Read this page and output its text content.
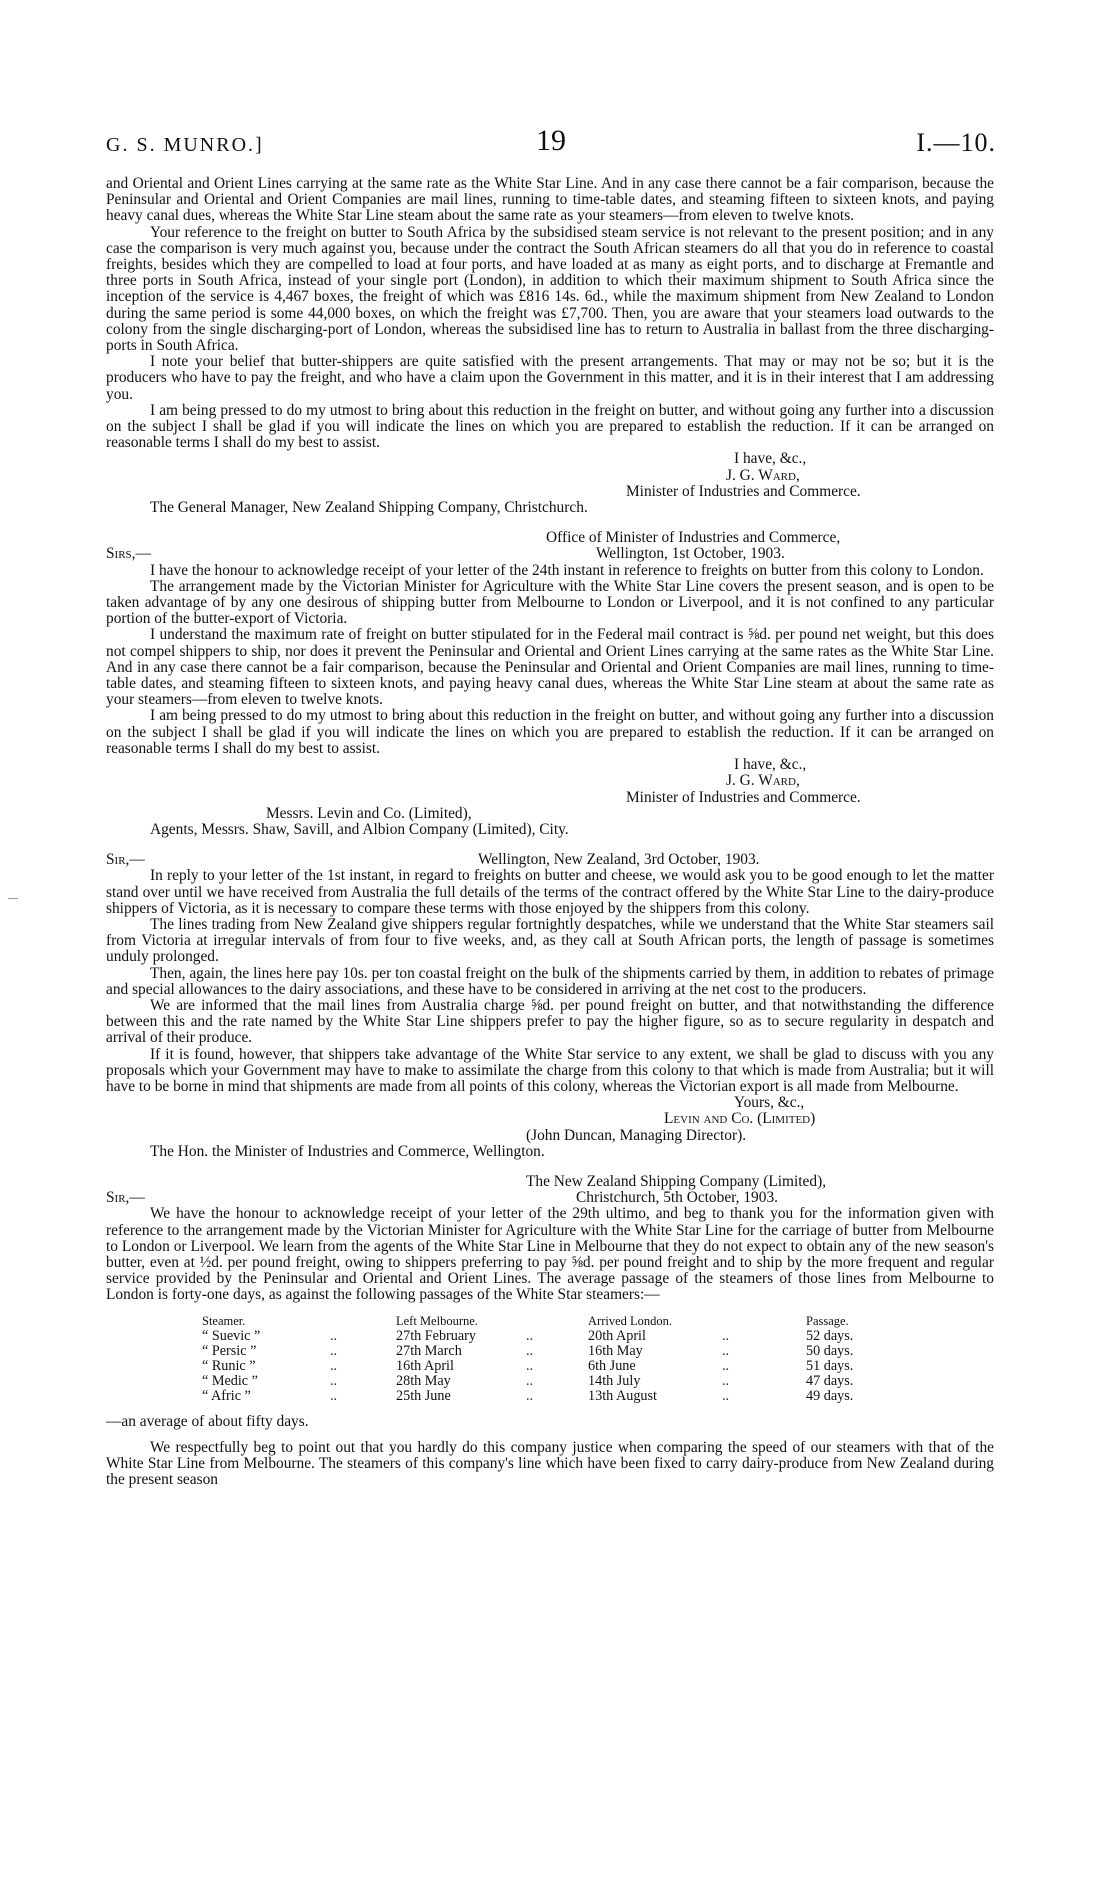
G. S. MUNRO.]	19	I.—10.

and Oriental and Orient Lines carrying at the same rate as the White Star Line. And in any case there cannot be a fair comparison, because the Peninsular and Oriental and Orient Companies are mail lines, running to time-table dates, and steaming fifteen to sixteen knots, and paying heavy canal dues, whereas the White Star Line steam about the same rate as your steamers—from eleven to twelve knots.

Your reference to the freight on butter to South Africa by the subsidised steam service is not relevant to the present position; and in any case the comparison is very much against you, because under the contract the South African steamers do all that you do in reference to coastal freights, besides which they are compelled to load at four ports, and have loaded at as many as eight ports, and to discharge at Fremantle and three ports in South Africa, instead of your single port (London), in addition to which their maximum shipment to South Africa since the inception of the service is 4,467 boxes, the freight of which was £816 14s. 6d., while the maximum shipment from New Zealand to London during the same period is some 44,000 boxes, on which the freight was £7,700. Then, you are aware that your steamers load outwards to the colony from the single discharging-port of London, whereas the subsidised line has to return to Australia in ballast from the three discharging-ports in South Africa.

I note your belief that butter-shippers are quite satisfied with the present arrangements. That may or may not be so; but it is the producers who have to pay the freight, and who have a claim upon the Government in this matter, and it is in their interest that I am addressing you.

I am being pressed to do my utmost to bring about this reduction in the freight on butter, and without going any further into a discussion on the subject I shall be glad if you will indicate the lines on which you are prepared to establish the reduction. If it can be arranged on reasonable terms I shall do my best to assist.

I have, &c.,
J. G. Ward,
Minister of Industries and Commerce.
The General Manager, New Zealand Shipping Company, Christchurch.
Office of Minister of Industries and Commerce,
Sirs,—	Wellington, 1st October, 1903.

I have the honour to acknowledge receipt of your letter of the 24th instant in reference to freights on butter from this colony to London.

The arrangement made by the Victorian Minister for Agriculture with the White Star Line covers the present season, and is open to be taken advantage of by any one desirous of shipping butter from Melbourne to London or Liverpool, and it is not confined to any particular portion of the butter-export of Victoria.

I understand the maximum rate of freight on butter stipulated for in the Federal mail contract is ⅝d. per pound net weight, but this does not compel shippers to ship, nor does it prevent the Peninsular and Oriental and Orient Lines carrying at the same rates as the White Star Line. And in any case there cannot be a fair comparison, because the Peninsular and Oriental and Orient Companies are mail lines, running to time-table dates, and steaming fifteen to sixteen knots, and paying heavy canal dues, whereas the White Star Line steam at about the same rate as your steamers—from eleven to twelve knots.

I am being pressed to do my utmost to bring about this reduction in the freight on butter, and without going any further into a discussion on the subject I shall be glad if you will indicate the lines on which you are prepared to establish the reduction. If it can be arranged on reasonable terms I shall do my best to assist.

I have, &c.,
J. G. Ward,
Minister of Industries and Commerce.
Messrs. Levin and Co. (Limited),
Agents, Messrs. Shaw, Savill, and Albion Company (Limited), City.
Sir,—	Wellington, New Zealand, 3rd October, 1903.

In reply to your letter of the 1st instant, in regard to freights on butter and cheese, we would ask you to be good enough to let the matter stand over until we have received from Australia the full details of the terms of the contract offered by the White Star Line to the dairy-produce shippers of Victoria, as it is necessary to compare these terms with those enjoyed by the shippers from this colony.

The lines trading from New Zealand give shippers regular fortnightly despatches, while we understand that the White Star steamers sail from Victoria at irregular intervals of from four to five weeks, and, as they call at South African ports, the length of passage is sometimes unduly prolonged.

Then, again, the lines here pay 10s. per ton coastal freight on the bulk of the shipments carried by them, in addition to rebates of primage and special allowances to the dairy associations, and these have to be considered in arriving at the net cost to the producers.

We are informed that the mail lines from Australia charge ⅝d. per pound freight on butter, and that notwithstanding the difference between this and the rate named by the White Star Line shippers prefer to pay the higher figure, so as to secure regularity in despatch and arrival of their produce.

If it is found, however, that shippers take advantage of the White Star service to any extent, we shall be glad to discuss with you any proposals which your Government may have to make to assimilate the charge from this colony to that which is made from Australia; but it will have to be borne in mind that shipments are made from all points of this colony, whereas the Victorian export is all made from Melbourne.

Yours, &c.,
Levin and Co. (Limited)
(John Duncan, Managing Director).
The Hon. the Minister of Industries and Commerce, Wellington.
The New Zealand Shipping Company (Limited),
Sir,—	Christchurch, 5th October, 1903.

We have the honour to acknowledge receipt of your letter of the 29th ultimo, and beg to thank you for the information given with reference to the arrangement made by the Victorian Minister for Agriculture with the White Star Line for the carriage of butter from Melbourne to London or Liverpool. We learn from the agents of the White Star Line in Melbourne that they do not expect to obtain any of the new season's butter, even at ½d. per pound freight, owing to shippers preferring to pay ⅝d. per pound freight and to ship by the more frequent and regular service provided by the Peninsular and Oriental and Orient Lines. The average passage of the steamers of those lines from Melbourne to London is forty-one days, as against the following passages of the White Star steamers:—

Steamer.		Left Melbourne.		Arrived London.		Passage.
“ Suevic ”	..	27th February	..	20th April	..	52 days.
“ Persic ”	..	27th March	..	16th May	..	50 days.
“ Runic ”	..	16th April	..	6th June	..	51 days.
“ Medic ”	..	28th May	..	14th July	..	47 days.
“ Afric ”	..	25th June	..	13th August	..	49 days.

—an average of about fifty days.

We respectfully beg to point out that you hardly do this company justice when comparing the speed of our steamers with that of the White Star Line from Melbourne. The steamers of this company's line which have been fixed to carry dairy-produce from New Zealand during the present season
